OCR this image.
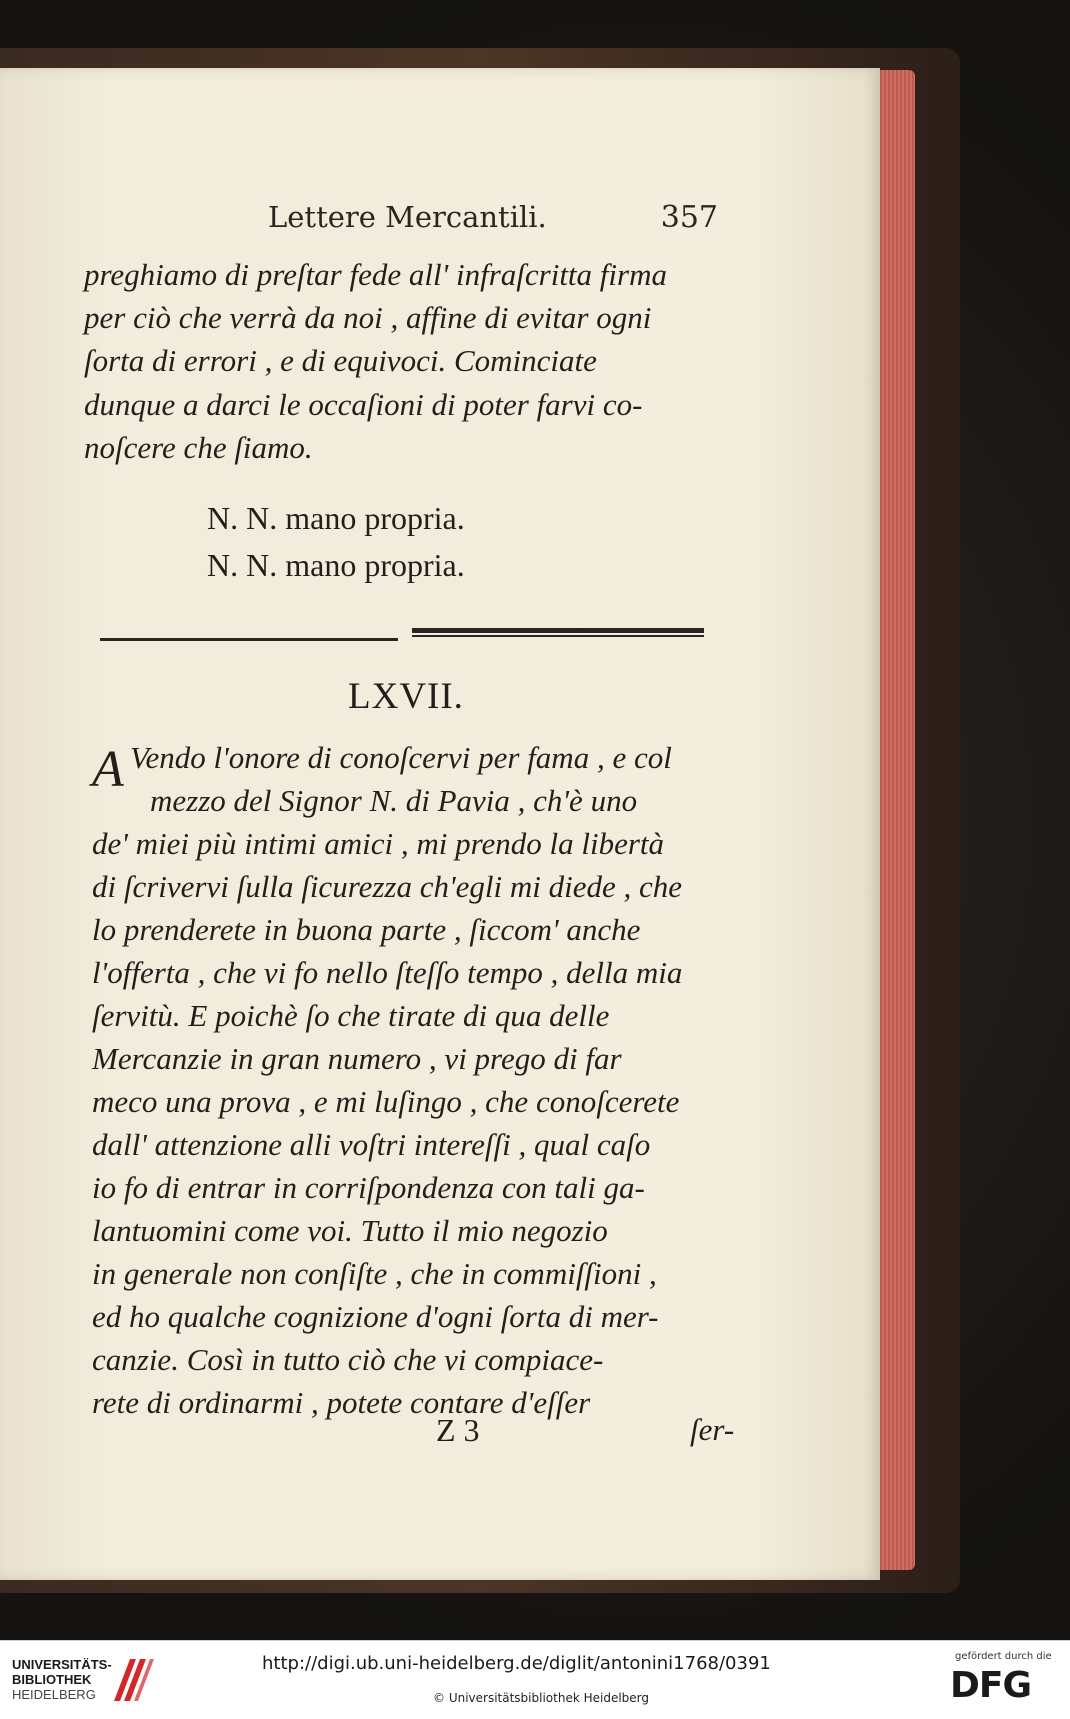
Lettere Mercantili.	357
preghiamo di preſtar fede all' infraſcritta firma
per ciò che verrà da noi , affine di evitar ogni
ſorta di errori , e di equivoci. Cominciate
dunque a darci le occaſioni di poter farvi co-
noſcere che ſiamo.
N. N. mano propria.
N. N. mano propria.
LXVII.
A Vendo l'onore di conoſcervi per fama , e col
mezzo del Signor N. di Pavia , ch'è uno
de' miei più intimi amici , mi prendo la libertà
di ſcrivervi ſulla ſicurezza ch'egli mi diede , che
lo prenderete in buona parte , ſiccom' anche
l'offerta , che vi fo nello ſteſſo tempo , della mia
ſervitù. E poichè ſo che tirate di qua delle
Mercanzie in gran numero , vi prego di far
meco una prova , e mi luſingo , che conoſcerete
dall' attenzione alli voſtri intereſſi , qual caſo
io fo di entrar in corriſpondenza con tali ga-
lantuomini come voi. Tutto il mio negozio
in generale non conſiſte , che in commiſſioni ,
ed ho qualche cognizione d'ogni ſorta di mer-
canzie. Così in tutto ciò che vi compiace-
rete di ordinarmi , potete contare d'eſſer
Z 3	ſer-
UNIVERSITÄTS-
BIBLIOTHEK
HEIDELBERG
http://digi.ub.uni-heidelberg.de/diglit/antonini1768/0391
© Universitätsbibliothek Heidelberg
gefördert durch die
DFG
